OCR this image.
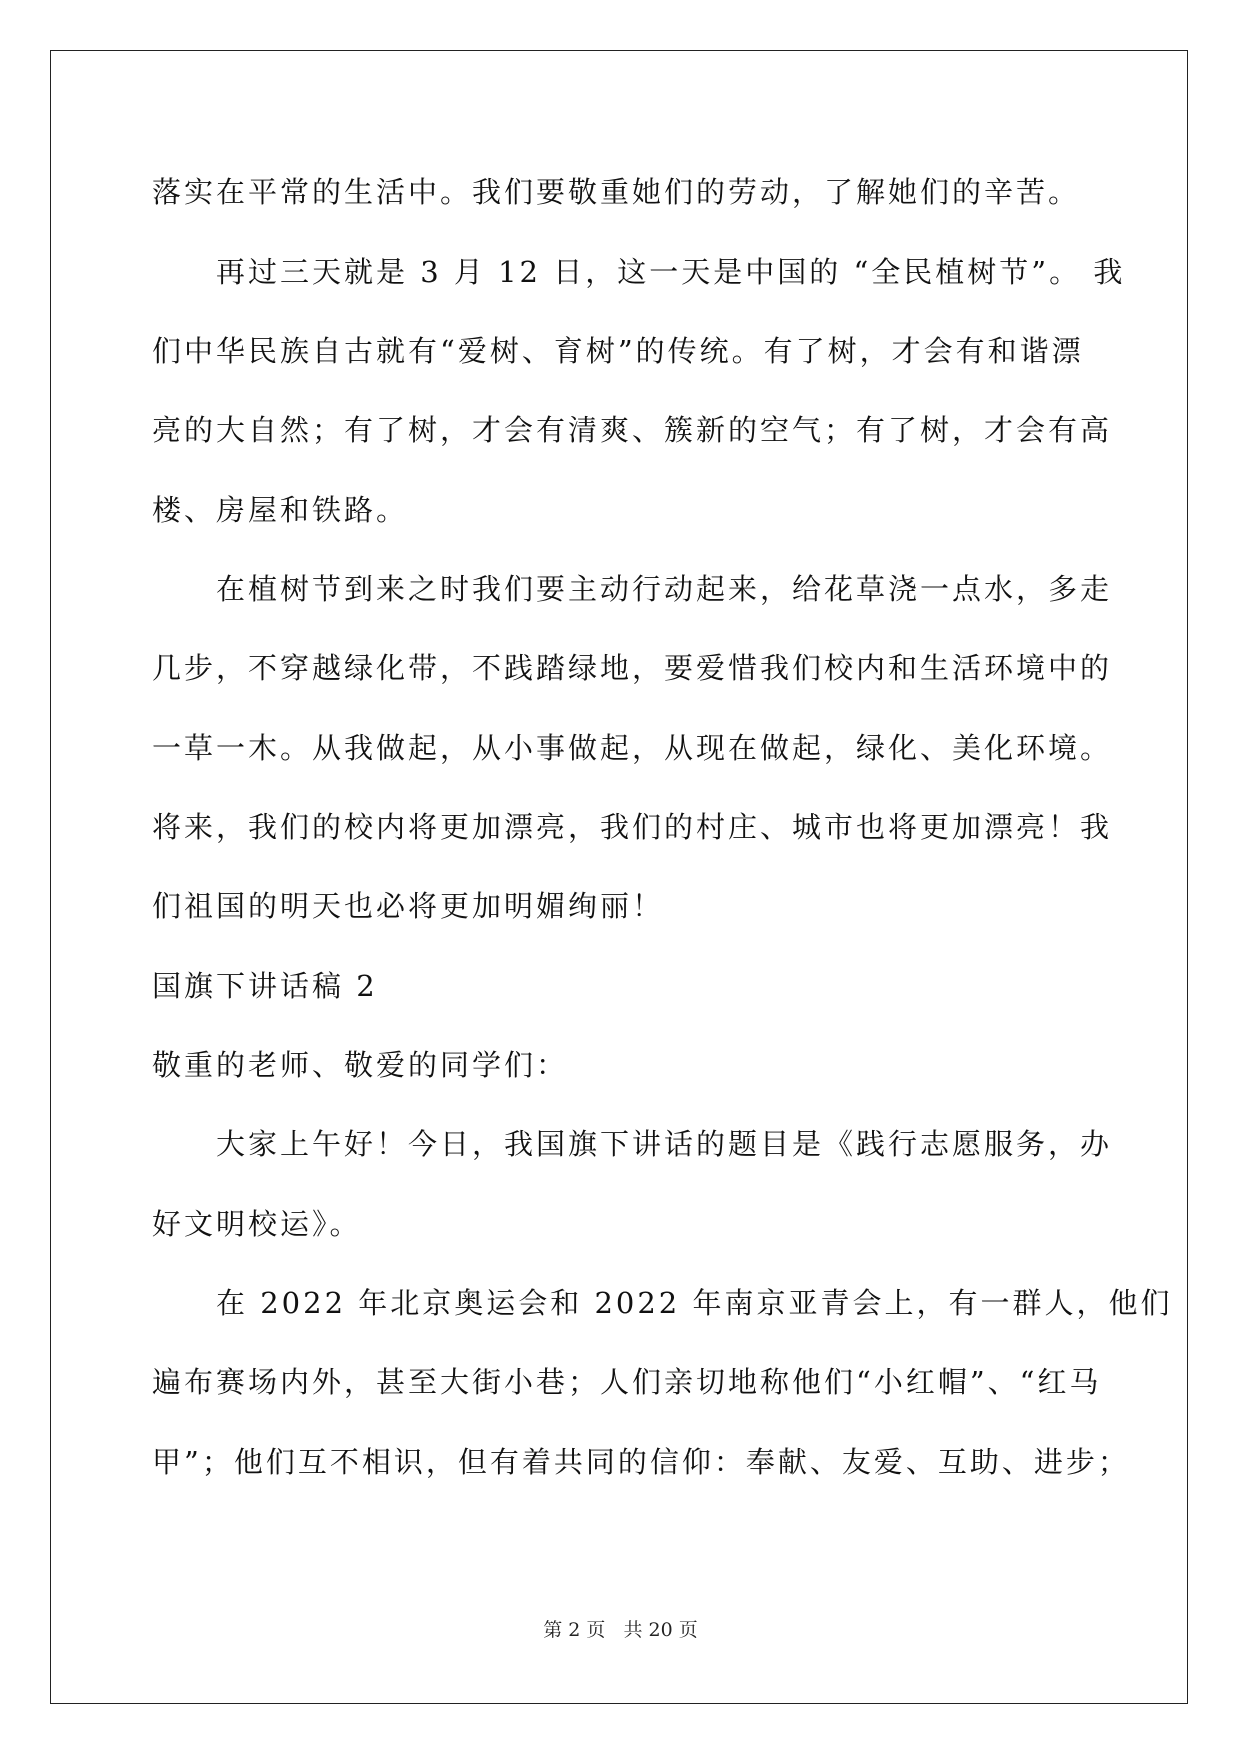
落实在平常的生活中。我们要敬重她们的劳动，了解她们的辛苦。
　　再过三天就是 3 月 12 日，这一天是中国的 “全民植树节”。 我
们中华民族自古就有“爱树、育树”的传统。有了树，才会有和谐漂
亮的大自然；有了树，才会有清爽、簇新的空气；有了树，才会有高
楼、房屋和铁路。
　　在植树节到来之时我们要主动行动起来，给花草浇一点水，多走
几步，不穿越绿化带，不践踏绿地，要爱惜我们校内和生活环境中的
一草一木。从我做起，从小事做起，从现在做起，绿化、美化环境。
将来，我们的校内将更加漂亮，我们的村庄、城市也将更加漂亮！我
们祖国的明天也必将更加明媚绚丽！
国旗下讲话稿 2
敬重的老师、敬爱的同学们：
　　大家上午好！今日，我国旗下讲话的题目是《践行志愿服务，办
好文明校运》。
　　在 2022 年北京奥运会和 2022 年南京亚青会上，有一群人，他们
遍布赛场内外，甚至大街小巷；人们亲切地称他们“小红帽”、“红马
甲”；他们互不相识，但有着共同的信仰：奉献、友爱、互助、进步；
第 2 页 共 20 页
